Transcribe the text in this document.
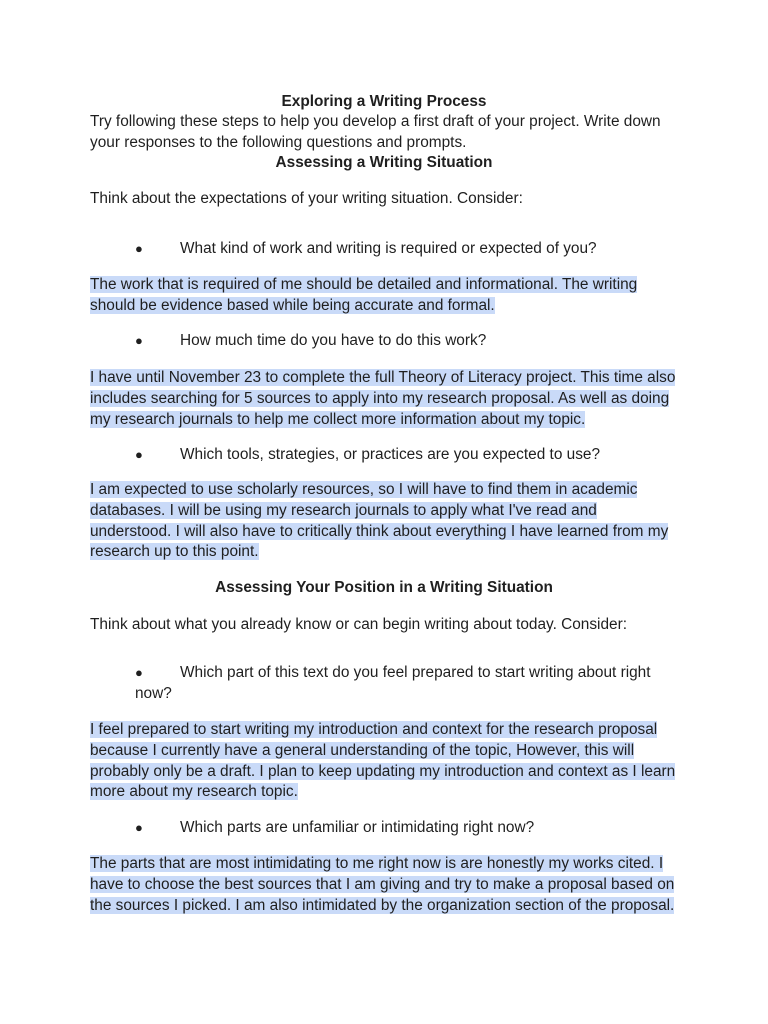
Exploring a Writing Process

Try following these steps to help you develop a first draft of your project. Write down your responses to the following questions and prompts.

Assessing a Writing Situation

Think about the expectations of your writing situation. Consider:

●	What kind of work and writing is required or expected of you?

The work that is required of me should be detailed and informational. The writing should be evidence based while being accurate and formal.

●	How much time do you have to do this work?

I have until November 23 to complete the full Theory of Literacy project. This time also includes searching for 5 sources to apply into my research proposal. As well as doing my research journals to help me collect more information about my topic.

●	Which tools, strategies, or practices are you expected to use?

I am expected to use scholarly resources, so I will have to find them in academic databases. I will be using my research journals to apply what I've read and understood. I will also have to critically think about everything I have learned from my research up to this point.

Assessing Your Position in a Writing Situation

Think about what you already know or can begin writing about today. Consider:

●	Which part of this text do you feel prepared to start writing about right
now?

I feel prepared to start writing my introduction and context for the research proposal because I currently have a general understanding of the topic, However, this will probably only be a draft. I plan to keep updating my introduction and context as I learn more about my research topic.

●	Which parts are unfamiliar or intimidating right now?

The parts that are most intimidating to me right now is are honestly my works cited. I have to choose the best sources that I am giving and try to make a proposal based on the sources I picked. I am also intimidated by the organization section of the proposal.
